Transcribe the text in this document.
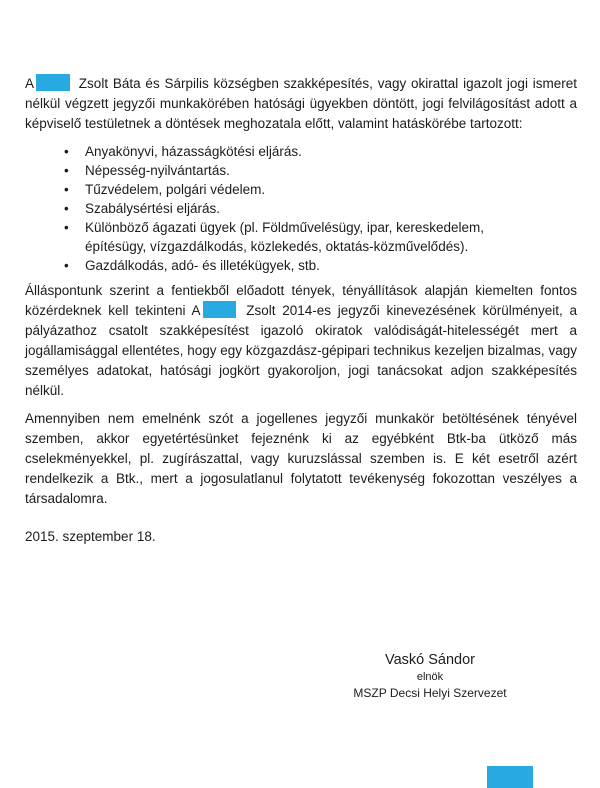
A	Zsolt Báta és Sárpilis községben szakképesítés, vagy okirattal igazolt jogi ismeret nélkül végzett jegyzői munkakörében hatósági ügyekben döntött, jogi felvilágosítást adott a képviselő testületnek a döntések meghozatala előtt, valamint hatáskörébe tartozott:

• Anyakönyvi, házasságkötési eljárás.
• Népesség-nyilvántartás.
• Tűzvédelem, polgári védelem.
• Szabálysértési eljárás.
• Különböző ágazati ügyek (pl. Földművelésügy, ipar, kereskedelem, építésügy, vízgazdálkodás, közlekedés, oktatás-közművelődés).
• Gazdálkodás, adó- és illetékügyek, stb.

Álláspontunk szerint a fentiekből előadott tények, tényállítások alapján kiemelten fontos közérdeknek kell tekinteni A	Zsolt 2014-es jegyzői kinevezésének körülményeit, a pályázathoz csatolt szakképesítést igazoló okiratok valódiságát-hitelességét mert a jogállamisággal ellentétes, hogy egy közgazdász-gépipari technikus kezeljen bizalmas, vagy személyes adatokat, hatósági jogkört gyakoroljon, jogi tanácsokat adjon szakképesítés nélkül.

Amennyiben nem emelnénk szót a jogellenes jegyzői munkakör betöltésének tényével szemben, akkor egyetértésünket fejeznénk ki az egyébként Btk-ba ütköző más cselekményekkel, pl. zugírászattal, vagy kuruzslással szemben is. E két esetről azért rendelkezik a Btk., mert a jogosulatlanul folytatott tevékenység fokozottan veszélyes a társadalomra.

2015. szeptember 18.

Vaskó Sándor
elnök
MSZP Decsi Helyi Szervezet
